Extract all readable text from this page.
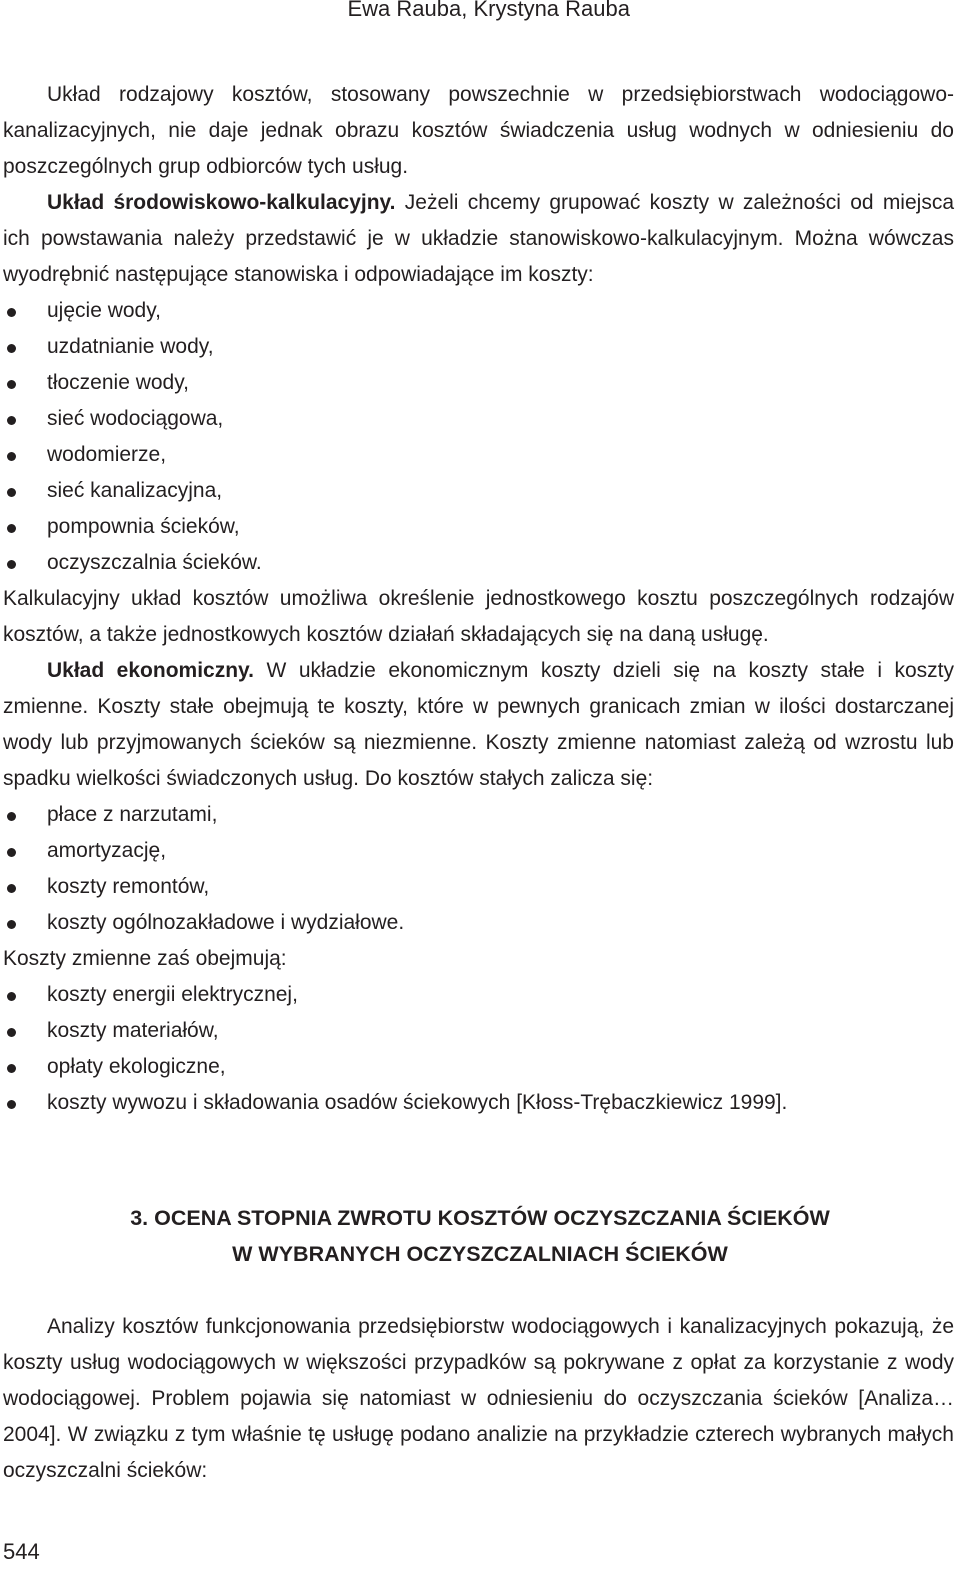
Ewa Rauba, Krystyna Rauba

Układ rodzajowy kosztów, stosowany powszechnie w przedsiębiorstwach wodociągowo-kanalizacyjnych, nie daje jednak obrazu kosztów świadczenia usług wodnych w odniesieniu do poszczególnych grup odbiorców tych usług.

Układ środowiskowo-kalkulacyjny. Jeżeli chcemy grupować koszty w zależności od miejsca ich powstawania należy przedstawić je w układzie stanowiskowo-kalkulacyjnym. Można wówczas wyodrębnić następujące stanowiska i odpowiadające im koszty:

ujęcie wody,
uzdatnianie wody,
tłoczenie wody,
sieć wodociągowa,
wodomierze,
sieć kanalizacyjna,
pompownia ścieków,
oczyszczalnia ścieków.

Kalkulacyjny układ kosztów umożliwa określenie jednostkowego kosztu poszczególnych rodzajów kosztów, a także jednostkowych kosztów działań składających się na daną usługę.

Układ ekonomiczny. W układzie ekonomicznym koszty dzieli się na koszty stałe i koszty zmienne. Koszty stałe obejmują te koszty, które w pewnych granicach zmian w ilości dostarczanej wody lub przyjmowanych ścieków są niezmienne. Koszty zmienne natomiast zależą od wzrostu lub spadku wielkości świadczonych usług. Do kosztów stałych zalicza się:

płace z narzutami,
amortyzację,
koszty remontów,
koszty ogólnozakładowe i wydziałowe.

Koszty zmienne zaś obejmują:

koszty energii elektrycznej,
koszty materiałów,
opłaty ekologiczne,
koszty wywozu i składowania osadów ściekowych [Kłoss-Trębaczkiewicz 1999].
3. OCENA STOPNIA ZWROTU KOSZTÓW OCZYSZCZANIA ŚCIEKÓW
W WYBRANYCH OCZYSZCZALNIACH ŚCIEKÓW

Analizy kosztów funkcjonowania przedsiębiorstw wodociągowych i kanalizacyjnych pokazują, że koszty usług wodociągowych w większości przypadków są pokrywane z opłat za korzystanie z wody wodociągowej. Problem pojawia się natomiast w odniesieniu do oczyszczania ścieków [Analiza… 2004]. W związku z tym właśnie tę usługę podano analizie na przykładzie czterech wybranych małych oczyszczalni ścieków:

544
